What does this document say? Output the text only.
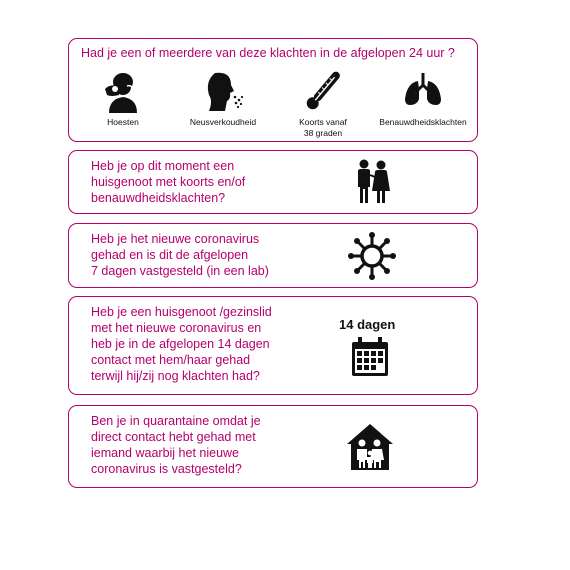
Had je een of meerdere van deze klachten in de afgelopen 24 uur ?
Hoesten	Neusverkoudheid	Koorts vanaf
38 graden
Benauwdheidsklachten
Heb je op dit moment een
huisgenoot met koorts en/of
benauwdheidsklachten?
Heb je het nieuwe coronavirus
gehad en is dit de afgelopen
7 dagen vastgesteld (in een lab)
Heb je een huisgenoot /gezinslid
met het nieuwe coronavirus en
heb je in de afgelopen 14 dagen
contact met hem/haar gehad
terwijl hij/zij nog klachten had?
14 dagen
Ben je in quarantaine omdat je
direct contact hebt gehad met
iemand waarbij het nieuwe
coronavirus is vastgesteld?
